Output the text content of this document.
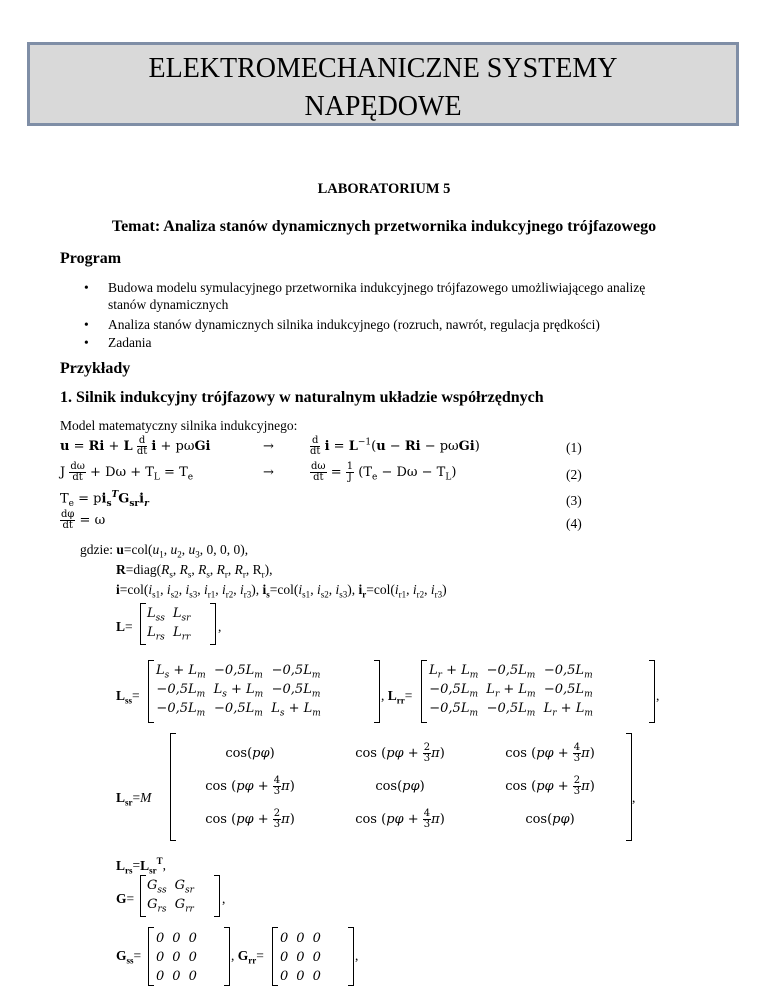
ELEKTROMECHANICZNE SYSTEMY
NAPĘDOWE
LABORATORIUM 5
Temat: Analiza stanów dynamicznych przetwornika indukcyjnego trójfazowego
Program
• Budowa modelu symulacyjnego przetwornika indukcyjnego trójfazowego umożliwiającego analizę
stanów dynamicznych
• Analiza stanów dynamicznych silnika indukcyjnego (rozruch, nawrót, regulacja prędkości)
• Zadania
Przykłady
1. Silnik indukcyjny trójfazowy w naturalnym układzie współrzędnych
Model matematyczny silnika indukcyjnego:
u = Ri + L $\frac{d}{dt}$ i + pωGi	→	$\frac{d}{dt}$ $i = L^{-1}(u - Ri - p\omega Gi)$	(1)
J $\frac{d\omega}{dt} + D\omega + T_L = T_e$	→	$\frac{d\omega}{dt} = \frac{1}{J} (T_e - D\omega - T_L)$	(2)
$T_e = pi_s^TG_{sr}i_r$	(3)
$\frac{d\varphi}{dt} = \omega$	(4)
gdzie: $u=col(u_1$, $u_2$, $u_3$, 0, 0, 0),
$R=diag(R_s$, $R_s$, $R_s$, $R_r$, $R_r$, $R_r$),
$i=col(i_{s1}$, $i_{s2}$, $i_{s3}$, $i_{r1}$, $i_{r2}$, $i_{r3}$), $i_s=col(i_{s1}$, $i_{s2}$, $i_{s3}$), $i_r=col(i_{r1}$, $i_{r2}$, $i_{r3}$)
L=
$L_{ss}$	$L_{sr}$
$L_{rs}$	$L_{rr}$
,
$L_{ss}=$
$L_s + L_m$	$-0,5L_m$	$-0,5L_m$
$-0,5L_m$	$L_s + L_m$	$-0,5L_m$
$-0,5L_m$	$-0,5L_m$	$L_s + L_m$
, $L_{rr}=$
$L_r + L_m$	$-0,5L_m$	$-0,5L_m$
$-0,5L_m$	$L_r + L_m$	$-0,5L_m$
$-0,5L_m$	$-0,5L_m$	$L_r + L_m$
,
$L_{sr}=M$
cos(pφ)	$\cos (p\varphi + \frac{2}{3} \pi)$	$\cos (p\varphi + \frac{4}{3} \pi)$
$\cos (p\varphi + \frac{4}{3} \pi)$	cos(pφ)	$\cos (p\varphi + \frac{2}{3} \pi)$
$\cos (p\varphi + \frac{2}{3} \pi)$	$\cos (p\varphi + \frac{4}{3} \pi)$	cos(pφ)
,
$L_{rs}=L_{sr}^T$,
G=
$G_{ss}$	$G_{sr}$
$G_{rs}$	$G_{rr}$
,
$G_{ss}=$
0	0	0
0	0	0
0	0	0
, $G_{rr}=$
0	0	0
0	0	0
0	0	0
,
